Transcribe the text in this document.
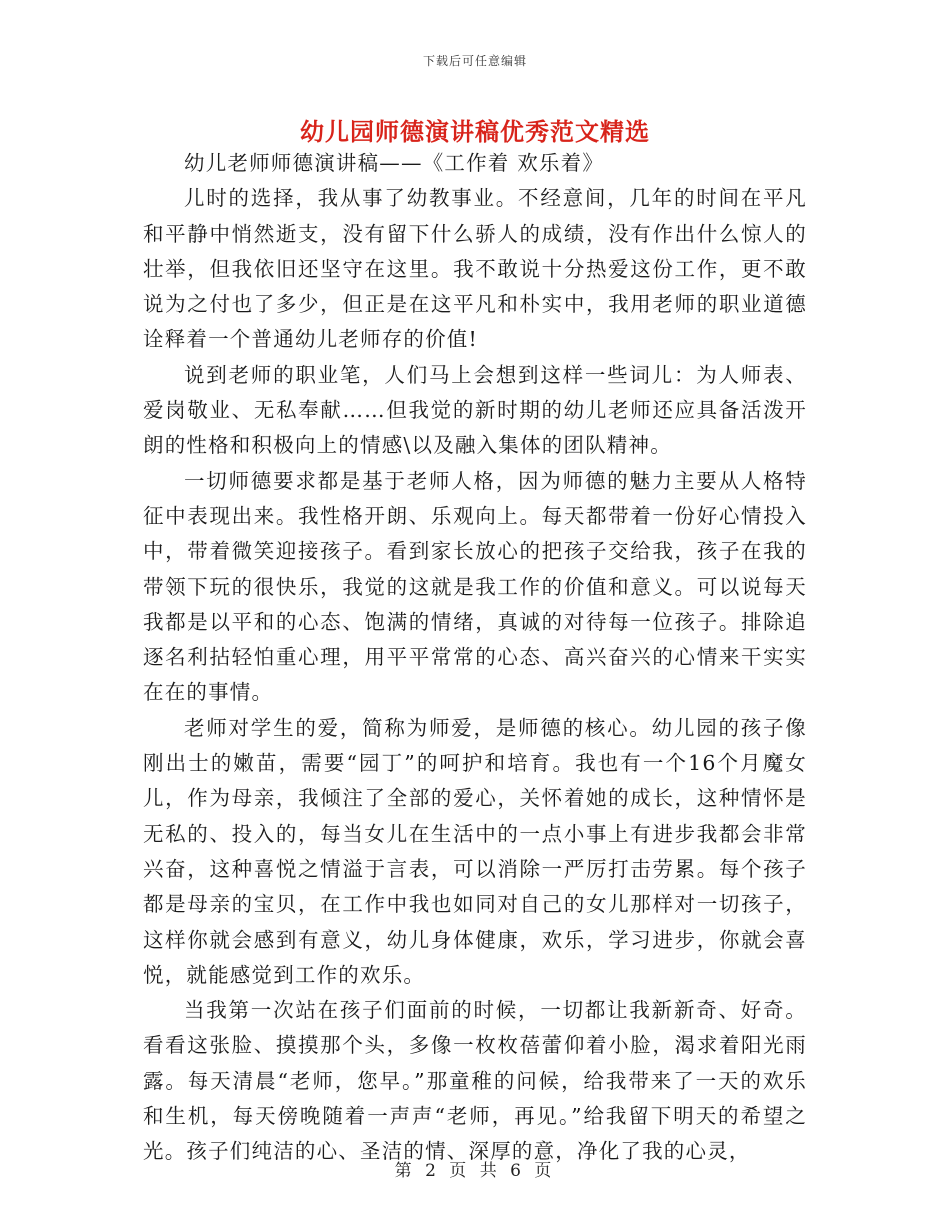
下载后可任意编辑
幼儿园师德演讲稿优秀范文精选

幼儿老师师德演讲稿——《工作着 欢乐着》

儿时的选择，我从事了幼教事业。不经意间，几年的时间在平凡和平静中悄然逝支，没有留下什么骄人的成绩，没有作出什么惊人的壮举，但我依旧还坚守在这里。我不敢说十分热爱这份工作，更不敢说为之付也了多少，但正是在这平凡和朴实中，我用老师的职业道德诠释着一个普通幼儿老师存的价值!

说到老师的职业笔，人们马上会想到这样一些词儿：为人师表、爱岗敬业、无私奉献……但我觉的新时期的幼儿老师还应具备活泼开朗的性格和积极向上的情感\以及融入集体的团队精神。

一切师德要求都是基于老师人格，因为师德的魅力主要从人格特征中表现出来。我性格开朗、乐观向上。每天都带着一份好心情投入中，带着微笑迎接孩子。看到家长放心的把孩子交给我，孩子在我的带领下玩的很快乐，我觉的这就是我工作的价值和意义。可以说每天我都是以平和的心态、饱满的情绪，真诚的对待每一位孩子。排除追逐名利拈轻怕重心理，用平平常常的心态、高兴奋兴的心情来干实实在在的事情。

老师对学生的爱，简称为师爱，是师德的核心。幼儿园的孩子像刚出士的嫩苗，需要“园丁”的呵护和培育。我也有一个16个月魔女儿，作为母亲，我倾注了全部的爱心，关怀着她的成长，这种情怀是无私的、投入的，每当女儿在生活中的一点小事上有进步我都会非常兴奋，这种喜悦之情溢于言表，可以消除一严厉打击劳累。每个孩子都是母亲的宝贝，在工作中我也如同对自己的女儿那样对一切孩子，这样你就会感到有意义，幼儿身体健康，欢乐，学习进步，你就会喜悦，就能感觉到工作的欢乐。

当我第一次站在孩子们面前的时候，一切都让我新新奇、好奇。看看这张脸、摸摸那个头，多像一枚枚蓓蕾仰着小脸，渴求着阳光雨露。每天清晨“老师，您早。”那童稚的问候，给我带来了一天的欢乐和生机，每天傍晚随着一声声“老师，再见。”给我留下明天的希望之光。孩子们纯洁的心、圣洁的情、深厚的意，净化了我的心灵，

第 2 页 共 6 页
